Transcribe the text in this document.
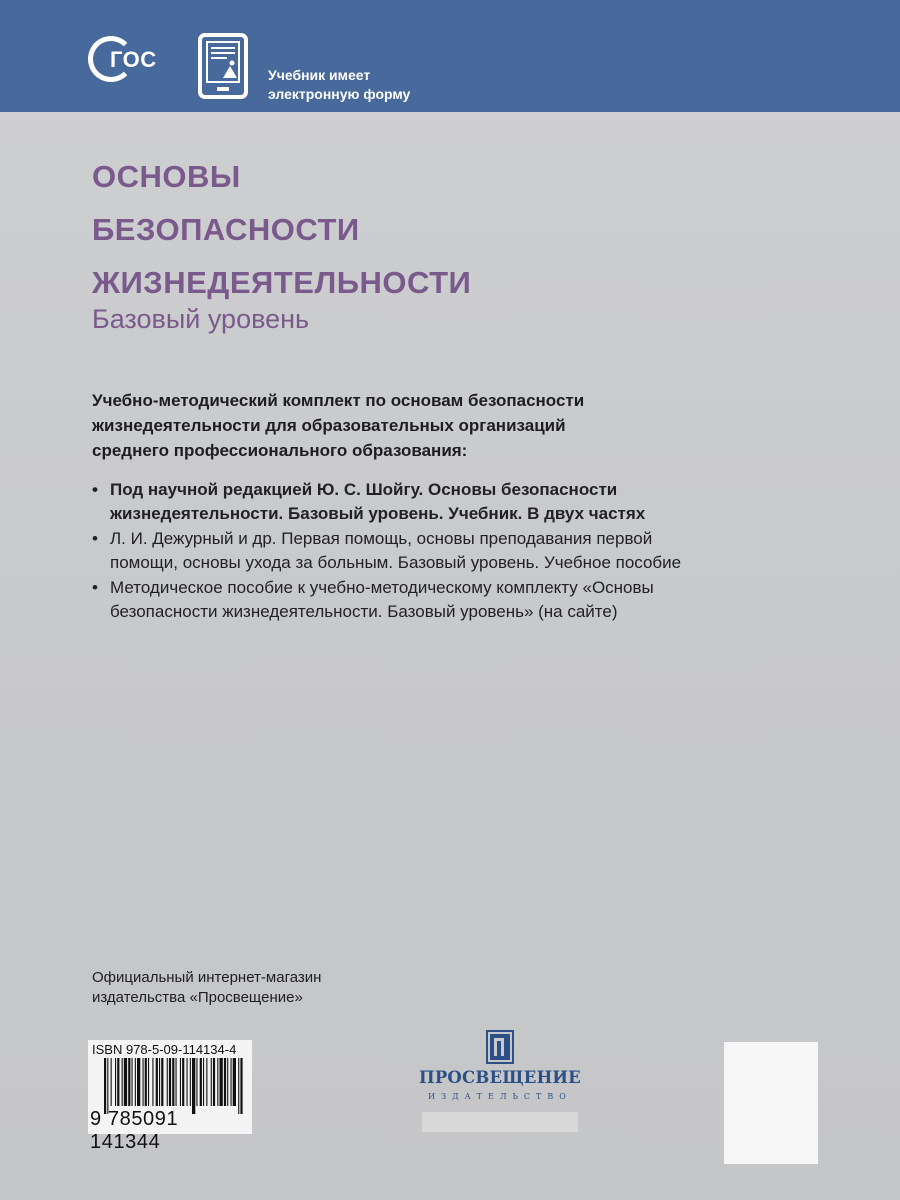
ГОС
Учебник имеет
электронную форму
ОСНОВЫ
БЕЗОПАСНОСТИ
ЖИЗНЕДЕЯТЕЛЬНОСТИ
Базовый уровень
Учебно-методический комплект по основам безопасности
жизнедеятельности для образовательных организаций
среднего профессионального образования:
• Под научной редакцией Ю. С. Шойгу. Основы безопасности
жизнедеятельности. Базовый уровень. Учебник. В двух частях
• Л. И. Дежурный и др. Первая помощь, основы преподавания первой
помощи, основы ухода за больным. Базовый уровень. Учебное пособие
• Методическое пособие к учебно-методическому комплекту «Основы
безопасности жизнедеятельности. Базовый уровень» (на сайте)
Официальный интернет-магазин
издательства «Просвещение»
ISBN 978-5-09-114134-4
9 785091 141344
ПРОСВЕЩЕНИЕ
ИЗДАТЕЛЬСТВО
